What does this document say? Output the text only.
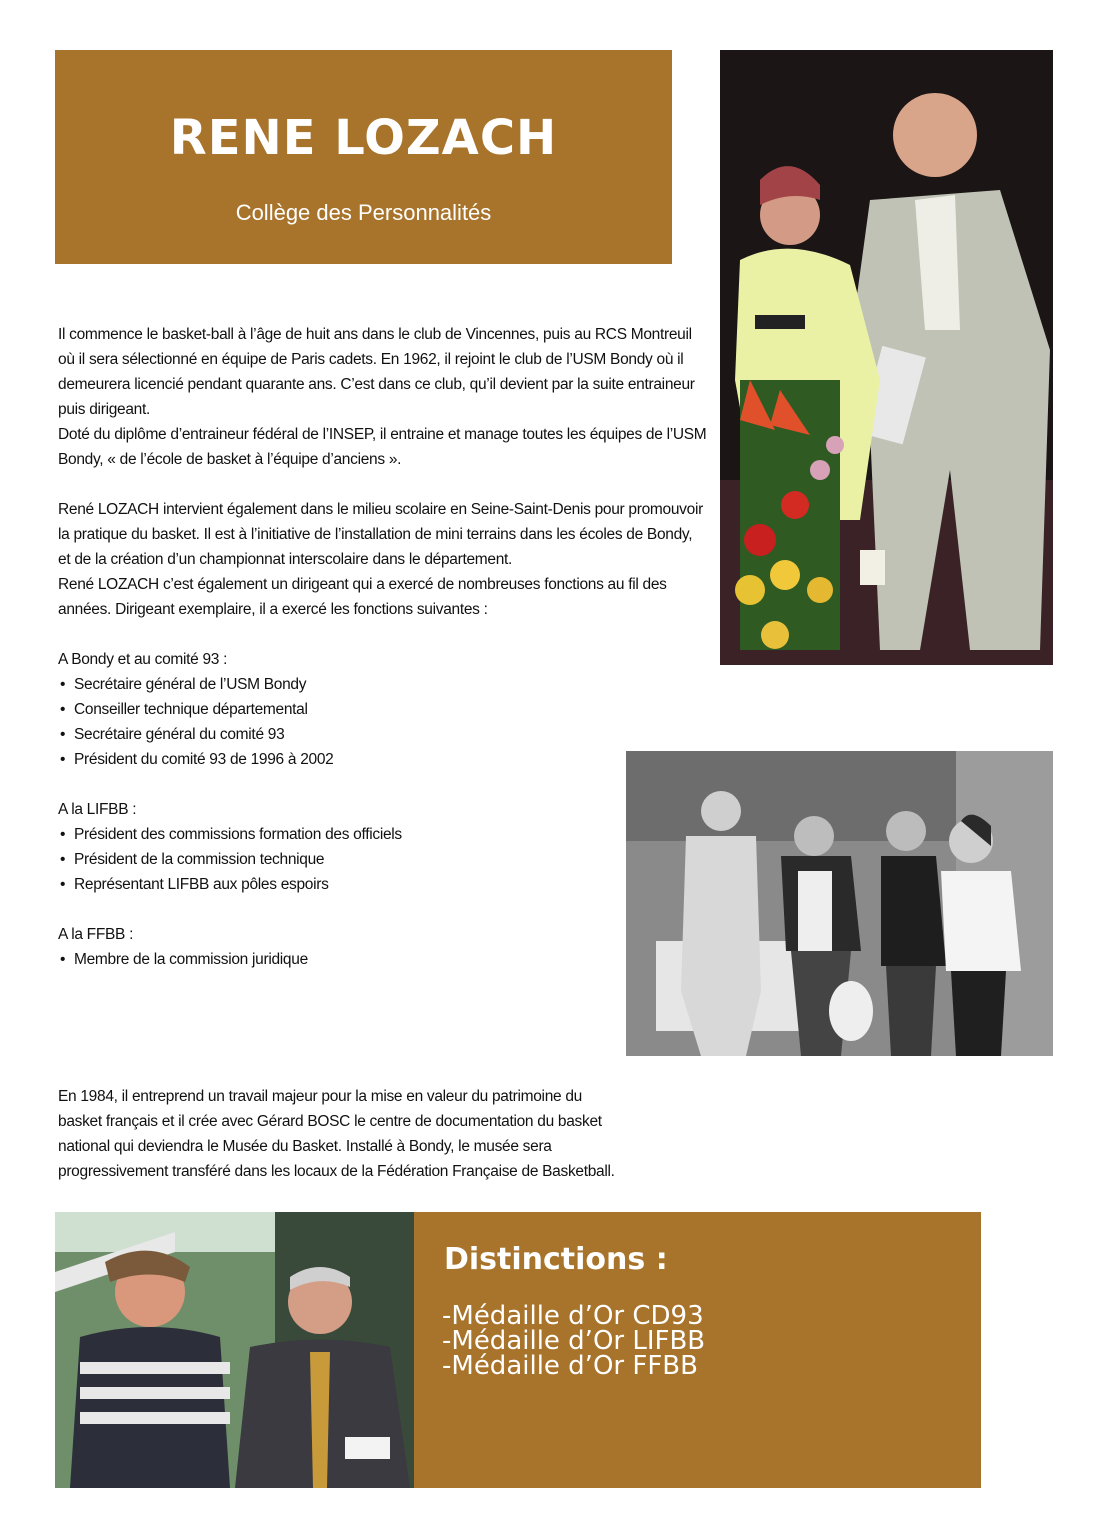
RENE LOZACH
Collège des Personnalités

Il commence le basket-ball à l’âge de huit ans dans le club de Vincennes, puis au RCS Montreuil

où il sera sélectionné en équipe de Paris cadets. En 1962, il rejoint le club de l’USM Bondy où il

demeurera licencié pendant quarante ans. C’est dans ce club, qu’il devient par la suite entraineur

puis dirigeant.

Doté du diplôme d’entraineur fédéral de l’INSEP, il entraine et manage toutes les équipes de l’USM

Bondy, « de l’école de basket à l’équipe d’anciens ».

René LOZACH intervient également dans le milieu scolaire en Seine-Saint-Denis pour promouvoir

la pratique du basket. Il est à l’initiative de l’installation de mini terrains dans les écoles de Bondy,

et de la création d’un championnat interscolaire dans le département.

René LOZACH c’est également un dirigeant qui a exercé de nombreuses fonctions au fil des

années. Dirigeant exemplaire, il a exercé les fonctions suivantes :

A Bondy et au comité 93 :

• Secrétaire général de l’USM Bondy
• Conseiller technique départemental
• Secrétaire général du comité 93
• Président du comité 93 de 1996 à 2002

A la LIFBB :

• Président des commissions formation des officiels
• Président de la commission technique
• Représentant LIFBB aux pôles espoirs

A la FFBB :

• Membre de la commission juridique

En 1984, il entreprend un travail majeur pour la mise en valeur du patrimoine du

basket français et il crée avec Gérard BOSC le centre de documentation du basket

national qui deviendra le Musée du Basket. Installé à Bondy, le musée sera

progressivement transféré dans les locaux de la Fédération Française de Basketball.

Distinctions :
-Médaille d’Or CD93
-Médaille d’Or LIFBB
-Médaille d’Or FFBB
